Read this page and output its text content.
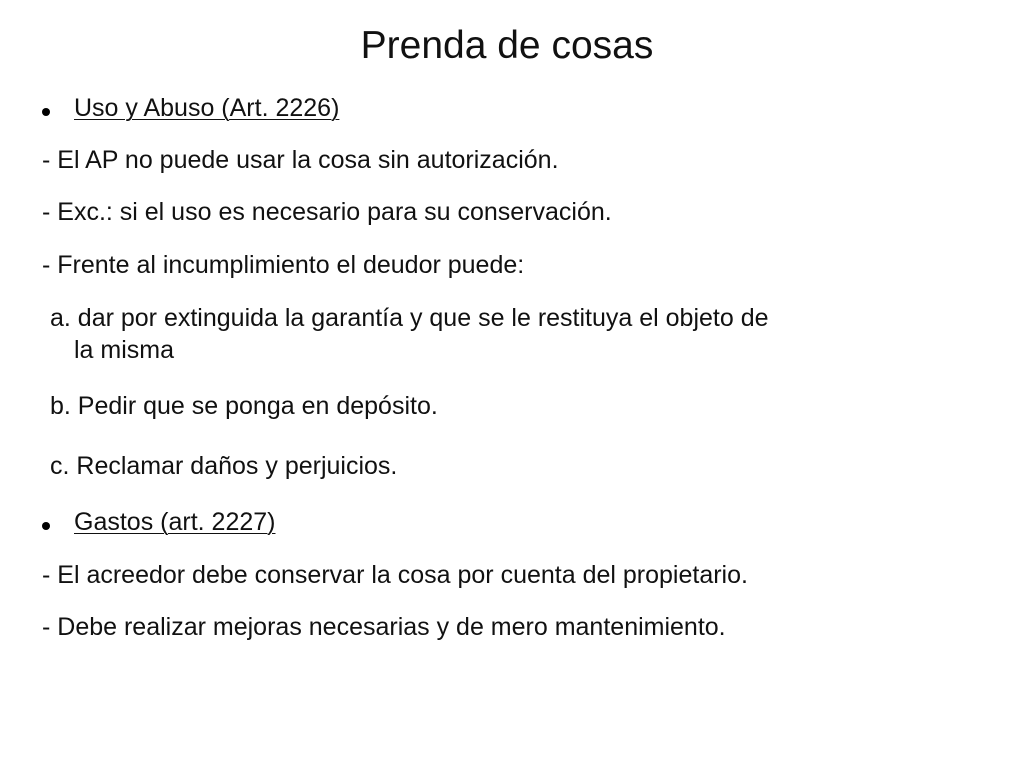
Prenda de cosas
Uso y Abuso (Art. 2226)
- El AP no puede usar la cosa sin autorización.
- Exc.: si el uso es necesario para su conservación.
- Frente al incumplimiento el deudor puede:
a. dar por extinguida la garantía y que se le restituya el objeto de
la misma
b. Pedir que se ponga en depósito.
c. Reclamar daños y perjuicios.
Gastos (art. 2227)
- El acreedor debe conservar la cosa por cuenta del propietario.
- Debe realizar mejoras necesarias y de mero mantenimiento.
